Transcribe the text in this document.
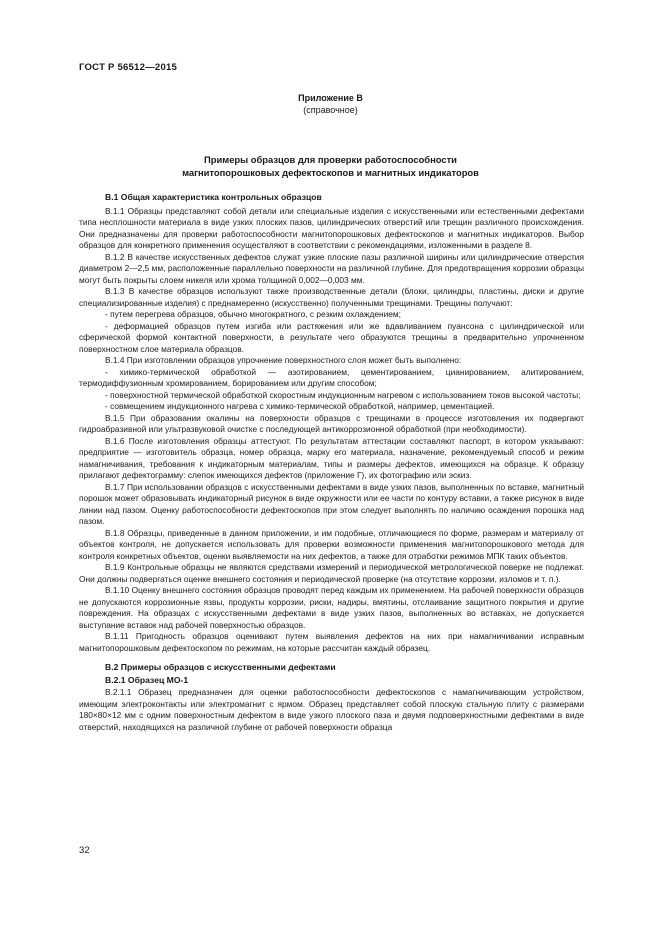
ГОСТ Р 56512—2015
Приложение В
(справочное)
Примеры образцов для проверки работоспособности
магнитопорошковых дефектоскопов и магнитных индикаторов
В.1 Общая характеристика контрольных образцов

В.1.1 Образцы представляют собой детали или специальные изделия с искусственными или естественными дефектами типа несплошности материала в виде узких плоских пазов, цилиндрических отверстий или трещин различного происхождения. Они предназначены для проверки работоспособности магнитопорошковых дефектоскопов и магнитных индикаторов. Выбор образцов для конкретного применения осуществляют в соответствии с рекомендациями, изложенными в разделе 8.

В.1.2 В качестве искусственных дефектов служат узкие плоские пазы различной ширины или цилиндрические отверстия диаметром 2—2,5 мм, расположенные параллельно поверхности на различной глубине. Для предотвращения коррозии образцы могут быть покрыты слоем никеля или хрома толщиной 0,002—0,003 мм.

В.1.3 В качестве образцов используют также производственные детали (блоки, цилиндры, пластины, диски и другие специализированные изделия) с преднамеренно (искусственно) полученными трещинами. Трещины получают:

- путем перегрева образцов, обычно многократного, с резким охлаждением;

- деформацией образцов путем изгиба или растяжения или же вдавливанием пуансона с цилиндрической или сферической формой контактной поверхности, в результате чего образуются трещины в предварительно упрочненном поверхностном слое материала образцов.

В.1.4 При изготовлении образцов упрочнение поверхностного слоя может быть выполнено:

- химико-термической обработкой — азотированием, цементированием, цианированием, алитированием, термодиффузионным хромированием, борированием или другим способом;

- поверхностной термической обработкой скоростным индукционным нагревом с использованием токов высокой частоты;

- совмещением индукционного нагрева с химико-термической обработкой, например, цементацией.

В.1.5 При образовании окалины на поверхности образцов с трещинами в процессе изготовления их подвергают гидроабразивной или ультразвуковой очистке с последующей антикоррозионной обработкой (при необходимости).

В.1.6 После изготовления образцы аттестуют. По результатам аттестации составляют паспорт, в котором указывают: предприятие — изготовитель образца, номер образца, марку его материала, назначение, рекомендуемый способ и режим намагничивания, требования к индикаторным материалам, типы и размеры дефектов, имеющихся на образце. К образцу прилагают дефектограмму: слепок имеющихся дефектов (приложение Г), их фотографию или эскиз.

В.1.7 При использовании образцов с искусственными дефектами в виде узких пазов, выполненных по вставке, магнитный порошок может образовывать индикаторный рисунок в виде окружности или ее части по контуру вставки, а также рисунок в виде линии над пазом. Оценку работоспособности дефектоскопов при этом следует выполнять по наличию осаждения порошка над пазом.

В.1.8 Образцы, приведенные в данном приложении, и им подобные, отличающиеся по форме, размерам и материалу от объектов контроля, не допускается использовать для проверки возможности применения магнитопорошкового метода для контроля конкретных объектов, оценки выявляемости на них дефектов, а также для отработки режимов МПК таких объектов.

В.1.9 Контрольные образцы не являются средствами измерений и периодической метрологической поверке не подлежат. Они должны подвергаться оценке внешнего состояния и периодической проверке (на отсутствие коррозии, изломов и т. п.).

В.1.10 Оценку внешнего состояния образцов проводят перед каждым их применением. На рабочей поверхности образцов не допускаются коррозионные язвы, продукты коррозии, риски, надиры, вмятины, отслаивание защитного покрытия и другие повреждения. На образцах с искусственными дефектами в виде узких пазов, выполненных во вставках, не допускается выступание вставок над рабочей поверхностью образцов.

В.1.11 Пригодность образцов оценивают путем выявления дефектов на них при намагничивании исправным магнитопорошковым дефектоскопом по режимам, на которые рассчитан каждый образец.

В.2 Примеры образцов с искусственными дефектами
В.2.1 Образец МО-1

В.2.1.1 Образец предназначен для оценки работоспособности дефектоскопов с намагничивающим устройством, имеющим электроконтакты или электромагнит с ярмом. Образец представляет собой плоскую стальную плиту с размерами 180×80×12 мм с одним поверхностным дефектом в виде узкого плоского паза и двумя подповерхностными дефектами в виде отверстий, находящихся на различной глубине от рабочей поверхности образца

32
